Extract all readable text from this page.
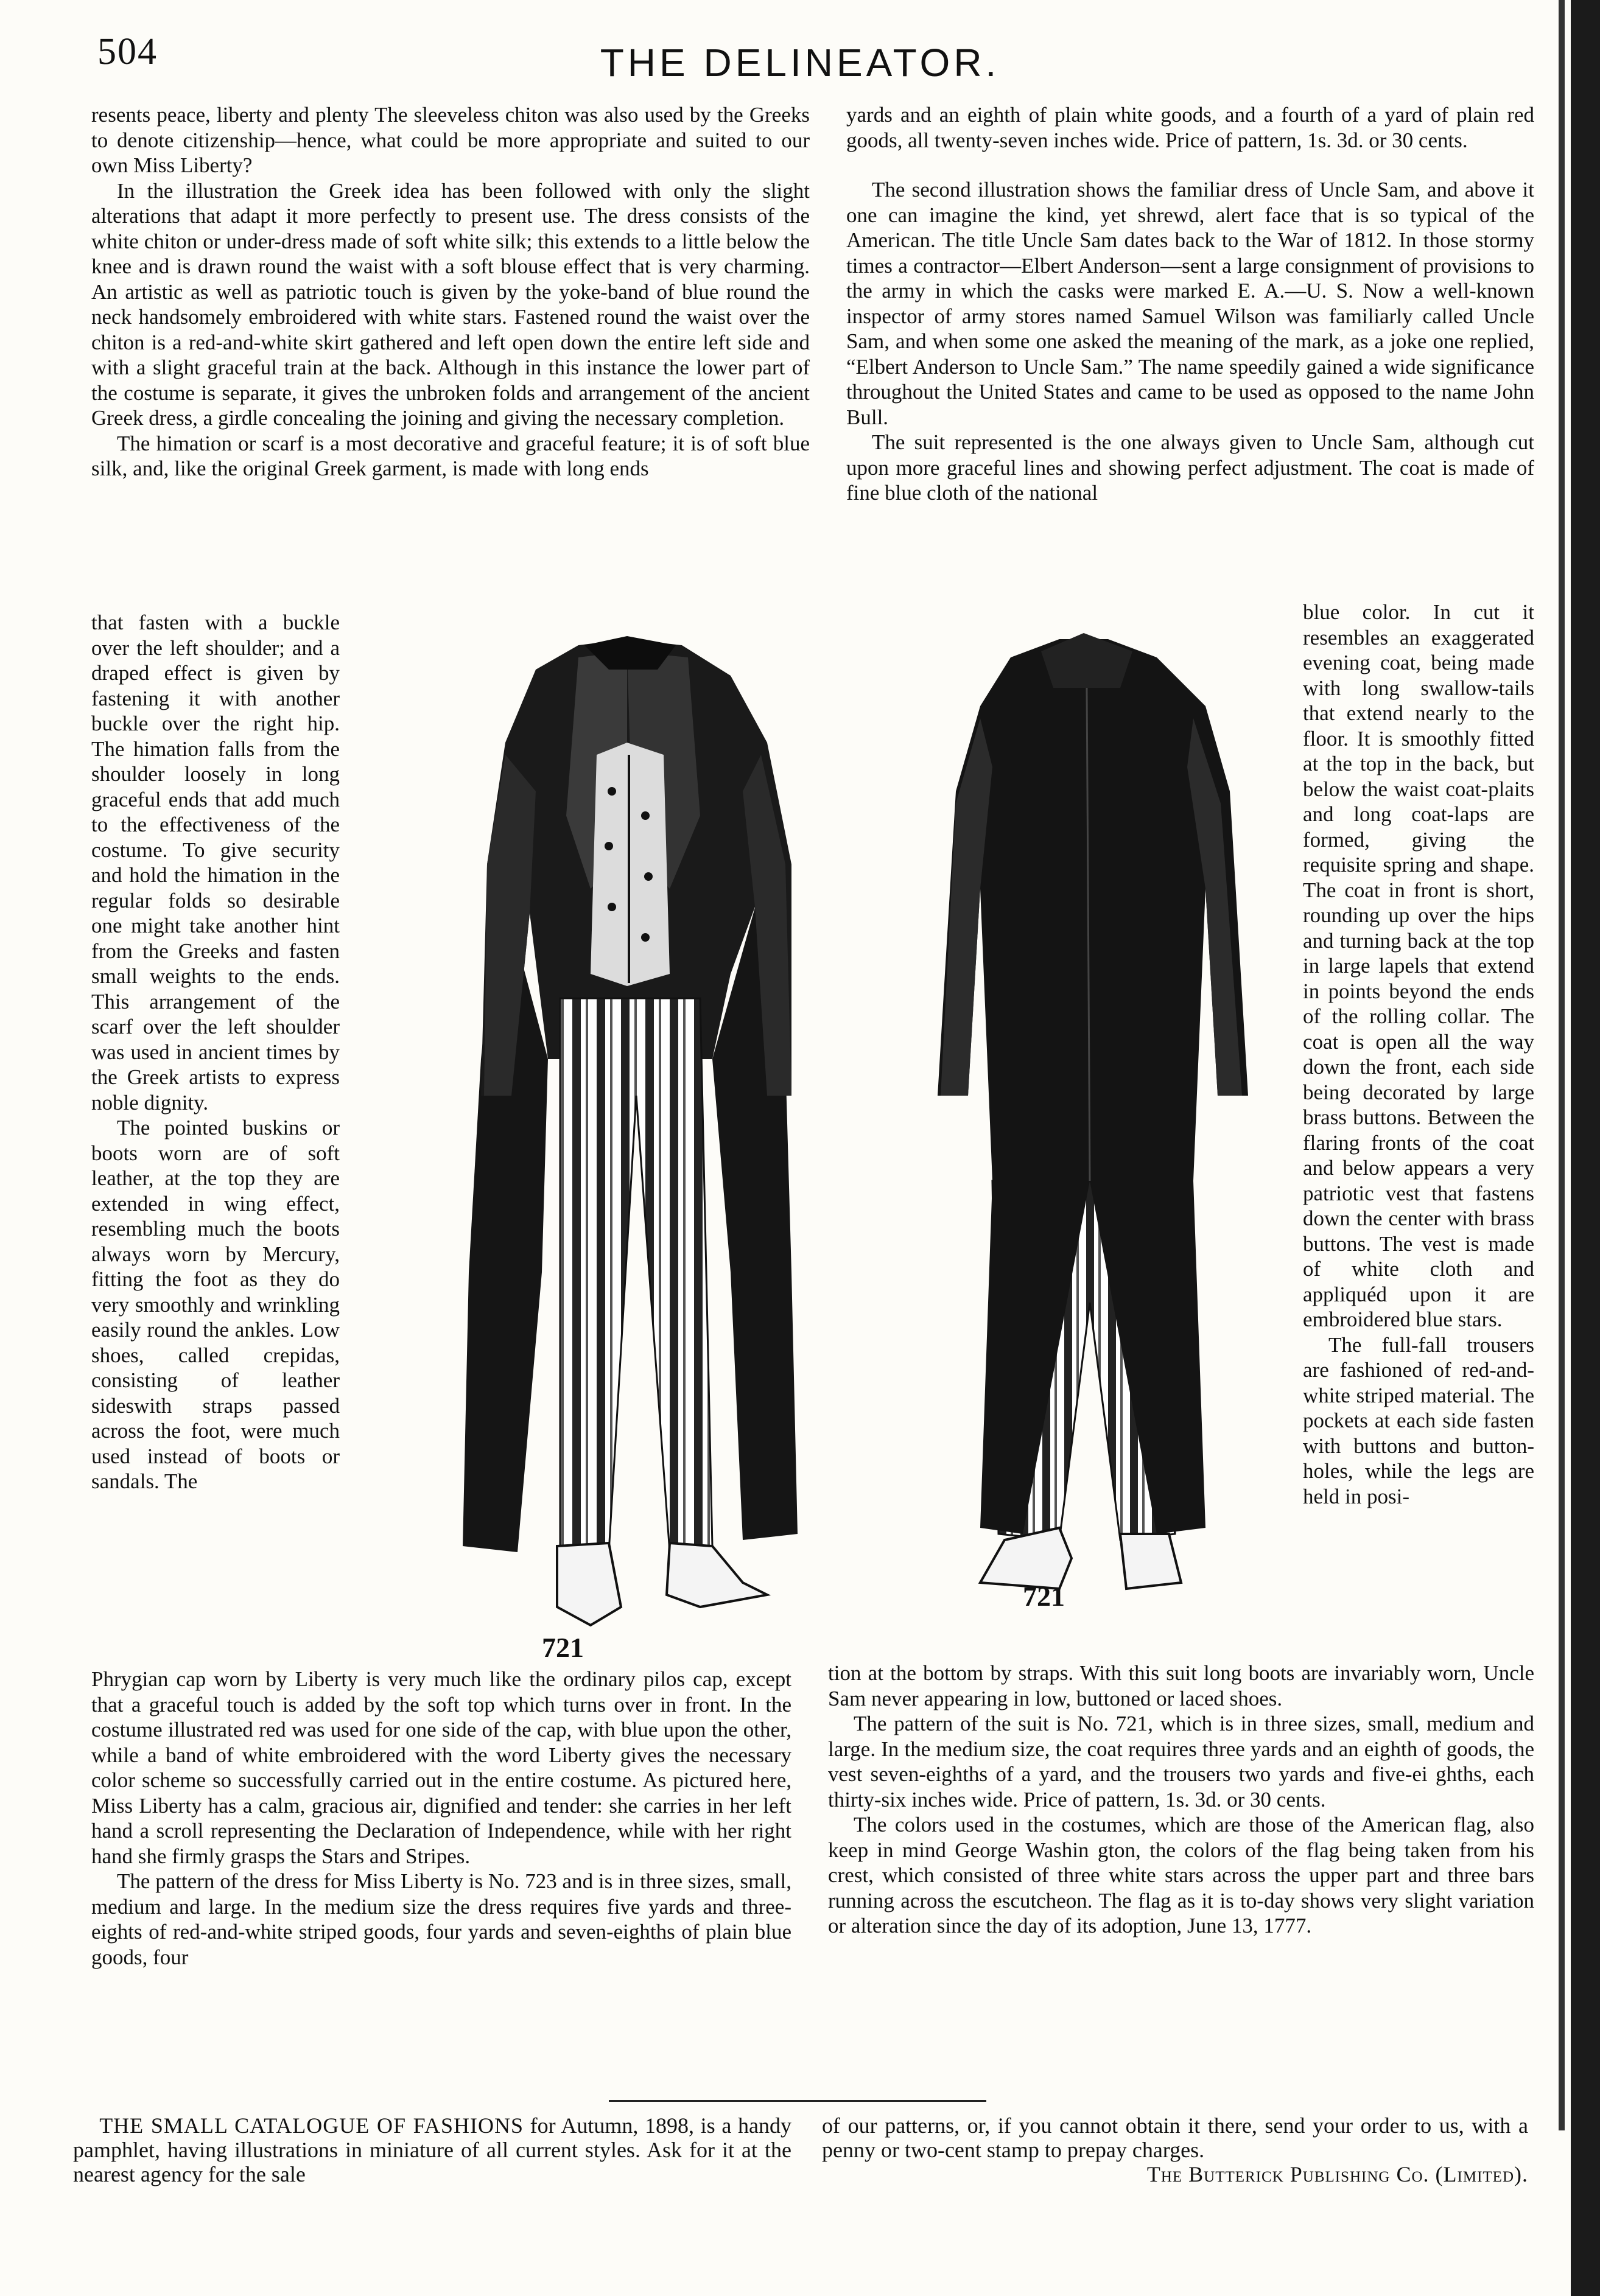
504	THE DELINEATOR.

resents peace, liberty and plenty The sleeveless chiton was also used by the Greeks to denote citizenship—hence, what could be more appropriate and suited to our own Miss Liberty?

In the illustration the Greek idea has been followed with only the slight alterations that adapt it more perfectly to present use. The dress consists of the white chiton or under-dress made of soft white silk; this extends to a little below the knee and is drawn round the waist with a soft blouse effect that is very charming. An artistic as well as patriotic touch is given by the yoke-band of blue round the neck handsomely embroidered with white stars. Fastened round the waist over the chiton is a red-and-white skirt gathered and left open down the entire left side and with a slight graceful train at the back. Although in this instance the lower part of the costume is separate, it gives the unbroken folds and arrangement of the ancient Greek dress, a girdle concealing the joining and giving the necessary completion.

The himation or scarf is a most decorative and graceful feature; it is of soft blue silk, and, like the original Greek garment, is made with long ends

that fasten with a buckle over the left shoulder; and a draped effect is given by fastening it with another buckle over the right hip. The himation falls from the shoulder loosely in long graceful ends that add much to the effectiveness of the costume. To give security and hold the himation in the regular folds so desirable one might take another hint from the Greeks and fasten small weights to the ends. This arrangement of the scarf over the left shoulder was used in ancient times by the Greek artists to express noble dignity.

The pointed buskins or boots worn are of soft leather, at the top they are extended in wing effect, resembling much the boots always worn by Mercury, fitting the foot as they do very smoothly and wrinkling easily round the ankles. Low shoes, called crepidas, consisting of leather sideswith straps passed across the foot, were much used instead of boots or sandals. The

Phrygian cap worn by Liberty is very much like the ordinary pilos cap, except that a graceful touch is added by the soft top which turns over in front. In the costume illustrated red was used for one side of the cap, with blue upon the other, while a band of white embroidered with the word Liberty gives the necessary color scheme so successfully carried out in the entire costume. As pictured here, Miss Liberty has a calm, gracious air, dignified and tender: she carries in her left hand a scroll representing the Declaration of Independence, while with her right hand she firmly grasps the Stars and Stripes.

The pattern of the dress for Miss Liberty is No. 723 and is in three sizes, small, medium and large. In the medium size the dress requires five yards and three-eights of red-and-white striped goods, four yards and seven-eighths of plain blue goods, four

yards and an eighth of plain white goods, and a fourth of a yard of plain red goods, all twenty-seven inches wide. Price of pattern, 1s. 3d. or 30 cents.

The second illustration shows the familiar dress of Uncle Sam, and above it one can imagine the kind, yet shrewd, alert face that is so typical of the American. The title Uncle Sam dates back to the War of 1812. In those stormy times a contractor—Elbert Anderson—sent a large consignment of provisions to the army in which the casks were marked E. A.—U. S. Now a well-known inspector of army stores named Samuel Wilson was familiarly called Uncle Sam, and when some one asked the meaning of the mark, as a joke one replied, “Elbert Anderson to Uncle Sam.” The name speedily gained a wide significance throughout the United States and came to be used as opposed to the name John Bull.

The suit represented is the one always given to Uncle Sam, although cut upon more graceful lines and showing perfect adjustment. The coat is made of fine blue cloth of the national

blue color. In cut it resembles an exaggerated evening coat, being made with long swallow-tails that extend nearly to the floor. It is smoothly fitted at the top in the back, but below the waist coat-plaits and long coat-laps are formed, giving the requisite spring and shape. The coat in front is short, rounding up over the hips and turning back at the top in large lapels that extend in points beyond the ends of the rolling collar. The coat is open all the way down the front, each side being decorated by large brass buttons. Between the flaring fronts of the coat and below appears a very patriotic vest that fastens down the center with brass buttons. The vest is made of white cloth and appliquéd upon it are embroidered blue stars.

The full-fall trousers are fashioned of red-and-white striped material. The pockets at each side fasten with buttons and button-holes, while the legs are held in posi-

tion at the bottom by straps. With this suit long boots are invariably worn, Uncle Sam never appearing in low, buttoned or laced shoes.

The pattern of the suit is No. 721, which is in three sizes, small, medium and large. In the medium size, the coat requires three yards and an eighth of goods, the vest seven-eighths of a yard, and the trousers two yards and five-ei ghths, each thirty-six inches wide. Price of pattern, 1s. 3d. or 30 cents.

The colors used in the costumes, which are those of the American flag, also keep in mind George Washin gton, the colors of the flag being taken from his crest, which consisted of three white stars across the upper part and three bars running across the escutcheon. The flag as it is to-day shows very slight variation or alteration since the day of its adoption, June 13, 1777.

721
721

THE SMALL CATALOGUE OF FASHIONS for Autumn, 1898, is a handy pamphlet, having illustrations in miniature of all current styles. Ask for it at the nearest agency for the sale

of our patterns, or, if you cannot obtain it there, send your order to us, with a penny or two-cent stamp to prepay charges.

The Butterick Publishing Co. (Limited).
